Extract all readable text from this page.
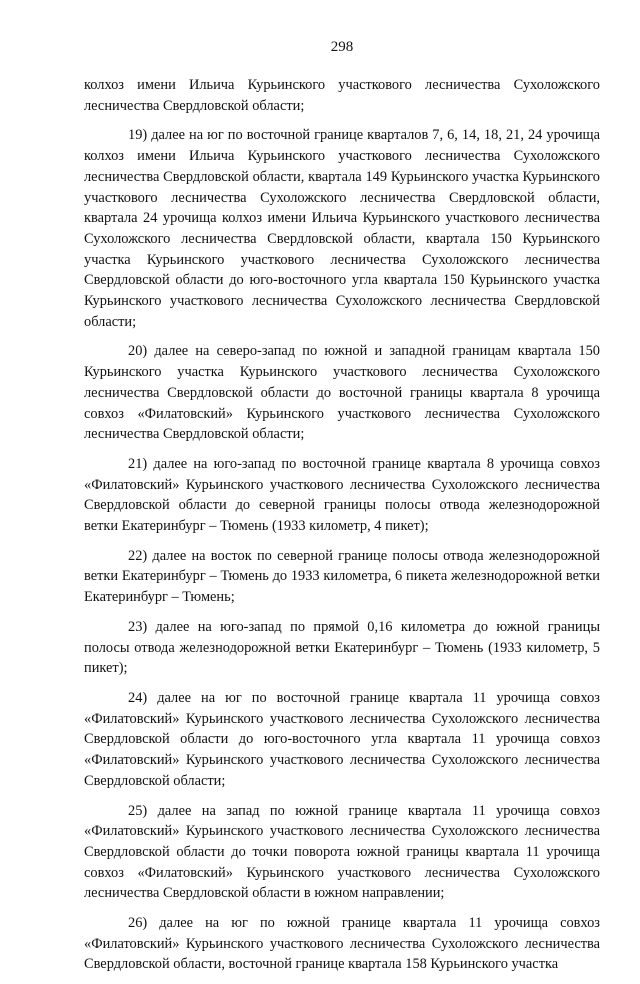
298

колхоз имени Ильича Курьинского участкового лесничества Сухоложского лесничества Свердловской области;

19) далее на юг по восточной границе кварталов 7, 6, 14, 18, 21, 24 урочища колхоз имени Ильича Курьинского участкового лесничества Сухоложского лесничества Свердловской области, квартала 149 Курьинского участка Курьинского участкового лесничества Сухоложского лесничества Свердловской области, квартала 24 урочища колхоз имени Ильича Курьинского участкового лесничества Сухоложского лесничества Свердловской области, квартала 150 Курьинского участка Курьинского участкового лесничества Сухоложского лесничества Свердловской области до юго-восточного угла квартала 150 Курьинского участка Курьинского участкового лесничества Сухоложского лесничества Свердловской области;

20) далее на северо-запад по южной и западной границам квартала 150 Курьинского участка Курьинского участкового лесничества Сухоложского лесничества Свердловской области до восточной границы квартала 8 урочища совхоз «Филатовский» Курьинского участкового лесничества Сухоложского лесничества Свердловской области;

21) далее на юго-запад по восточной границе квартала 8 урочища совхоз «Филатовский» Курьинского участкового лесничества Сухоложского лесничества Свердловской области до северной границы полосы отвода железнодорожной ветки Екатеринбург – Тюмень (1933 километр, 4 пикет);

22) далее на восток по северной границе полосы отвода железнодорожной ветки Екатеринбург – Тюмень до 1933 километра, 6 пикета железнодорожной ветки Екатеринбург – Тюмень;

23) далее на юго-запад по прямой 0,16 километра до южной границы полосы отвода железнодорожной ветки Екатеринбург – Тюмень (1933 километр, 5 пикет);

24) далее на юг по восточной границе квартала 11 урочища совхоз «Филатовский» Курьинского участкового лесничества Сухоложского лесничества Свердловской области до юго-восточного угла квартала 11 урочища совхоз «Филатовский» Курьинского участкового лесничества Сухоложского лесничества Свердловской области;

25) далее на запад по южной границе квартала 11 урочища совхоз «Филатовский» Курьинского участкового лесничества Сухоложского лесничества Свердловской области до точки поворота южной границы квартала 11 урочища совхоз «Филатовский» Курьинского участкового лесничества Сухоложского лесничества Свердловской области в южном направлении;

26) далее на юг по южной границе квартала 11 урочища совхоз «Филатовский» Курьинского участкового лесничества Сухоложского лесничества Свердловской области, восточной границе квартала 158 Курьинского участка
